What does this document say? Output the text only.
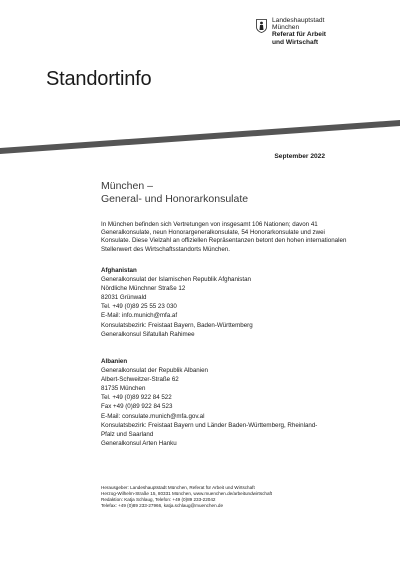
Landeshauptstadt
München
Referat für Arbeit
und Wirtschaft
Standortinfo
September 2022
München –
General- und Honorarkonsulate
In München befinden sich Vertretungen von insgesamt 106 Nationen; davon 41 Generalkonsulate, neun Honorargeneralkonsulate, 54 Honorarkonsulate und zwei Konsulate. Diese Vielzahl an offiziellen Repräsentanzen betont den hohen internationalen Stellenwert des Wirtschaftsstandorts München.
Afghanistan
Generalkonsulat der Islamischen Republik Afghanistan
Nördliche Münchner Straße 12
82031 Grünwald
Tel. +49 (0)89 25 55 23 030
E-Mail: info.munich@mfa.af
Konsulatsbezirk: Freistaat Bayern, Baden-Württemberg
Generalkonsul Sifatullah Rahimee
Albanien
Generalkonsulat der Republik Albanien
Albert-Schweitzer-Straße 62
81735 München
Tel. +49 (0)89 922 84 522
Fax +49 (0)89 922 84 523
E-Mail: consulate.munich@mfa.gov.al
Konsulatsbezirk: Freistaat Bayern und Länder Baden-Württemberg, Rheinland-
Pfalz und Saarland
Generalkonsul Arten Hanku
Herausgeber: Landeshauptstadt München, Referat für Arbeit und Wirtschaft
Herzog-Wilhelm-Straße 15, 80331 München, www.muenchen.de/arbeitundwirtschaft
Redaktion: Katja Schlaug, Telefon: +49 (0)89 233-22042
Telefax: +49 (0)89 233-27966, katja.schlaug@muenchen.de
